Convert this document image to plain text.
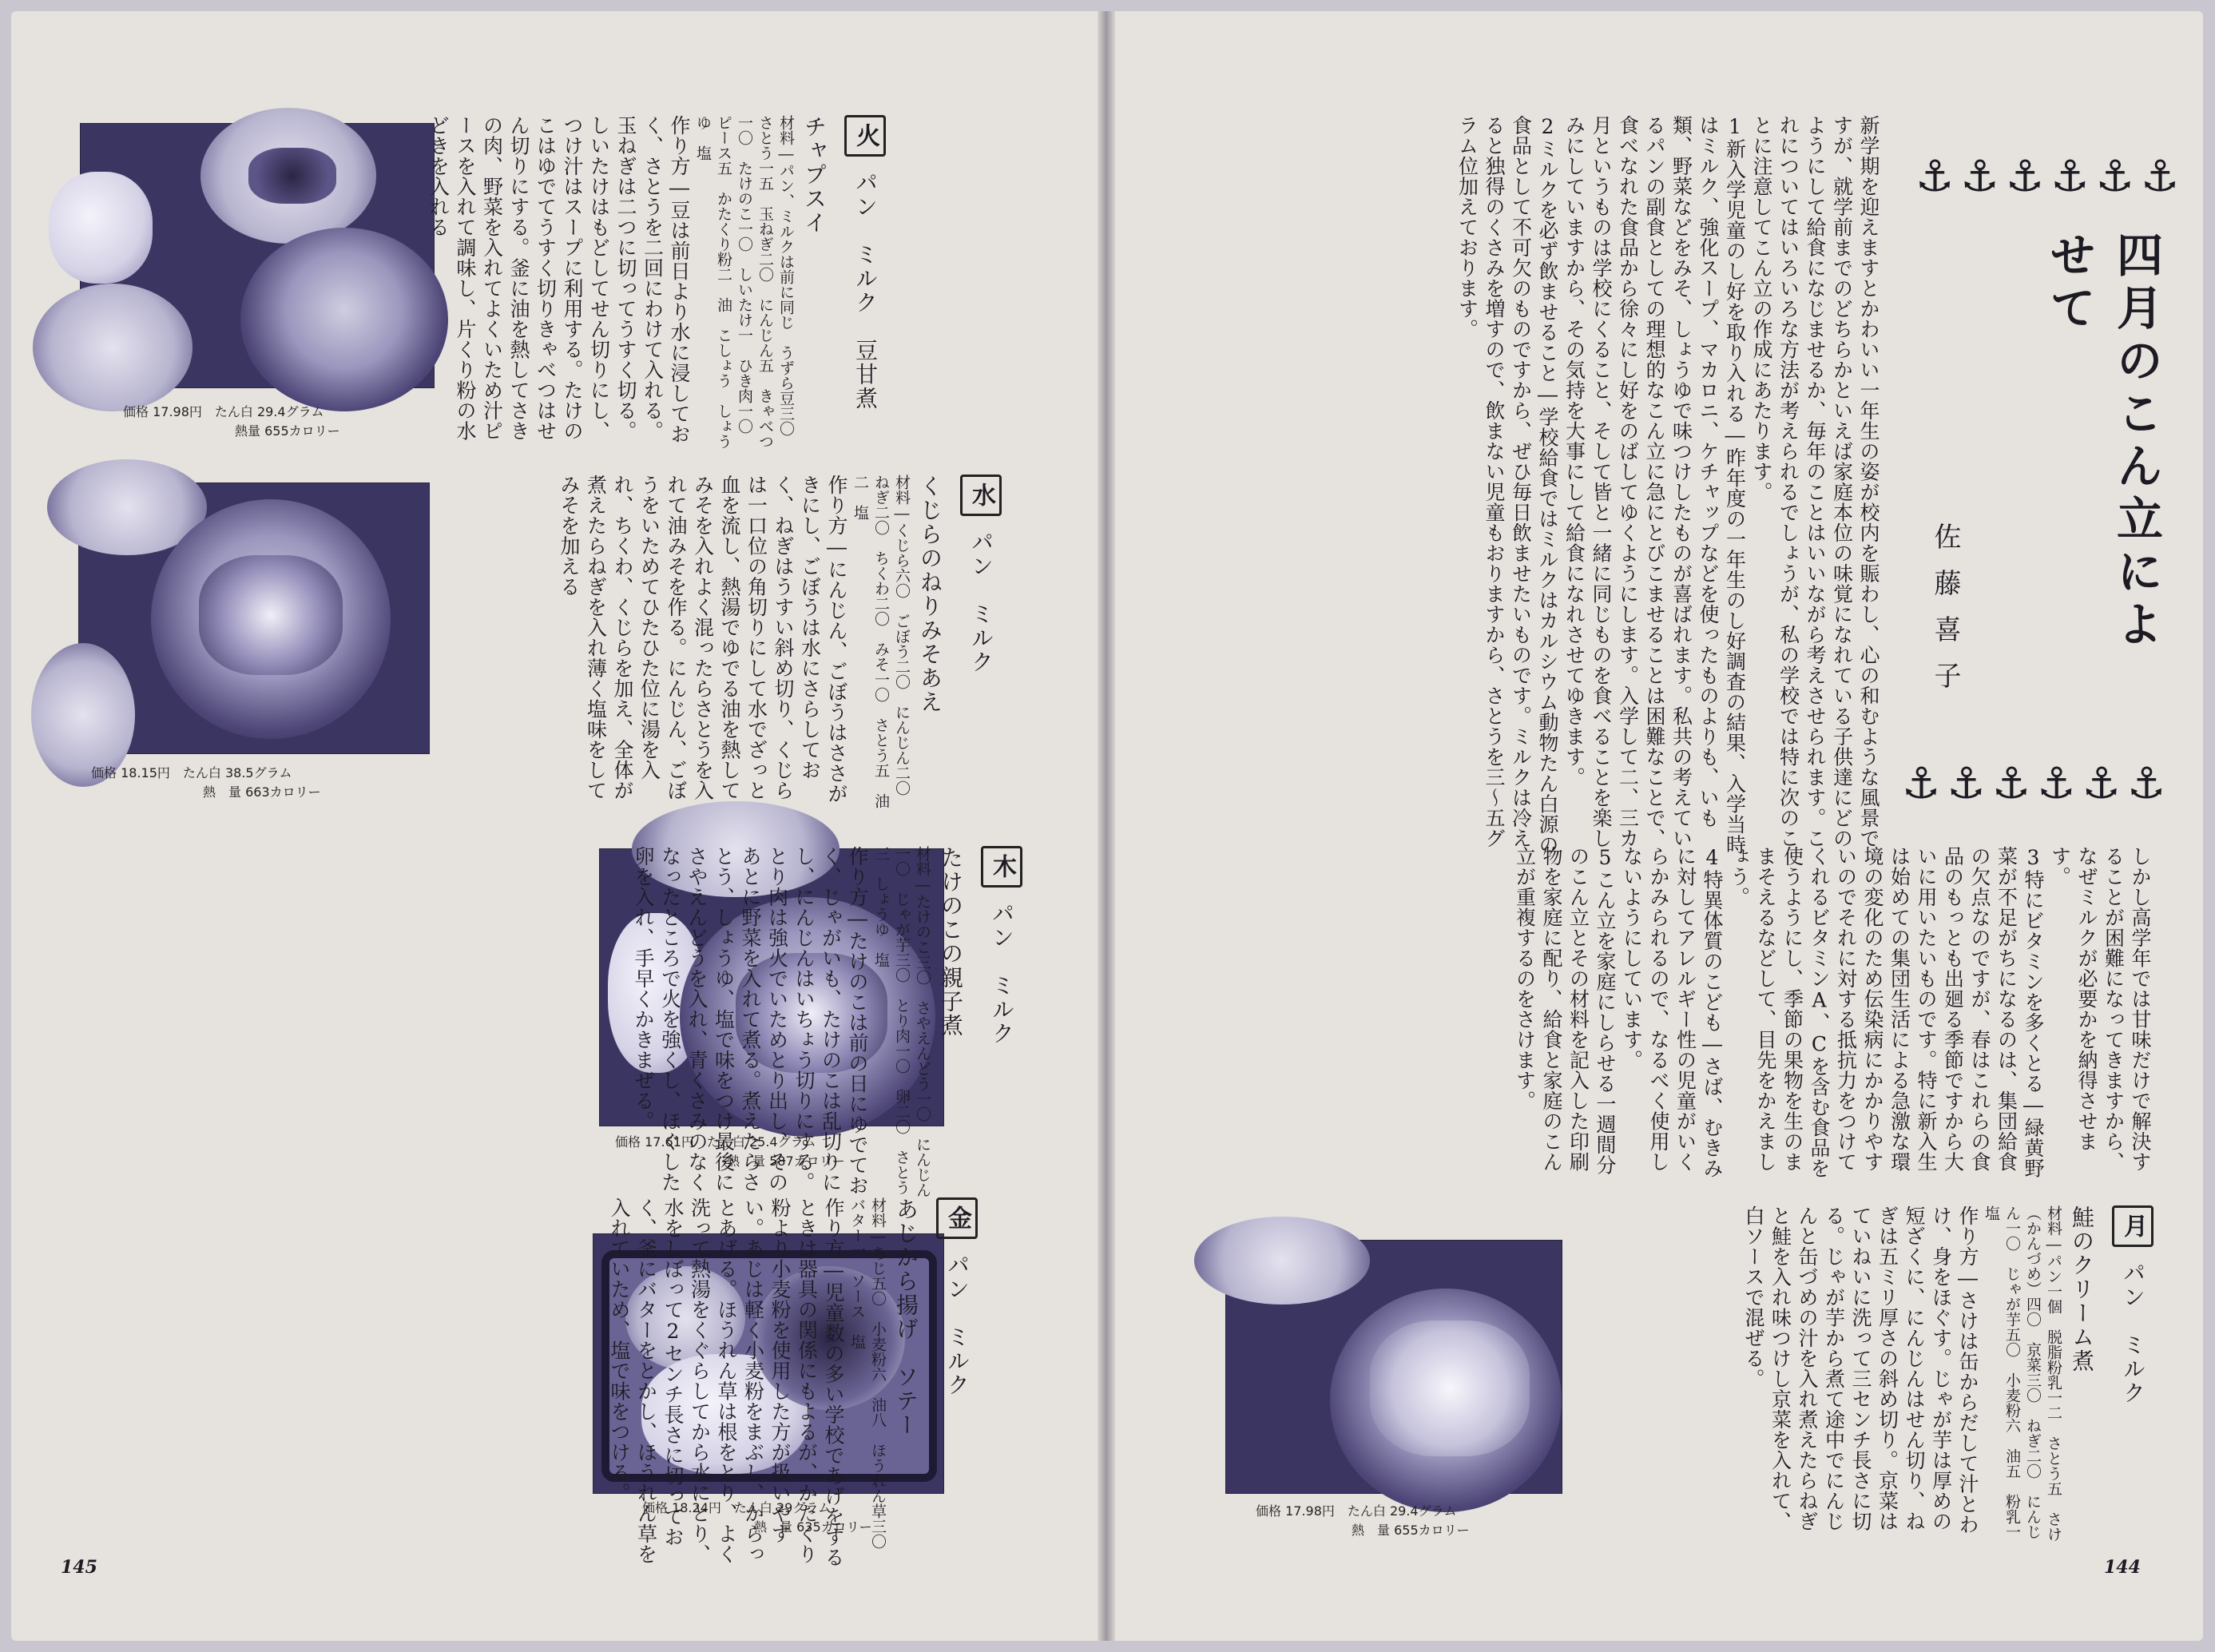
価格 17.98円　たん白 29.4グラム
熱量 655カロリー
価格 18.15円　たん白 38.5グラム
熱　量 663カロリー

火パン　ミルク　豆甘煮

チャプスイ

材料―パン、ミルクは前に同じ　うずら豆三〇　さとう一五　玉ねぎ二〇　にんじん五　きゃべつ一〇　たけのこ一〇　しいたけ一　ひき肉一〇　ピース五　かたくり粉二　油　こしょう　しょうゆ　塩

作り方―豆は前日より水に浸しておく、さとうを二回にわけて入れる。玉ねぎは二つに切ってうすく切る。しいたけはもどしてせん切りにし、つけ汁はスープに利用する。たけのこはゆでてうすく切りきゃべつはせん切りにする。釜に油を熱してさきの肉、野菜を入れてよくいため汁ピースを入れて調味し、片くり粉の水どきを入れる

水パン　ミルク

くじらのねりみそあえ

材料―くじら六〇　ごぼう二〇　にんじん二〇　ねぎ二〇　ちくわ二〇　みそ一〇　さとう五　油二　塩

作り方―にんじん、ごぼうはささがきにし、ごぼうは水にさらしておく、ねぎはうすい斜め切り、くじらは一口位の角切りにして水でざっと血を流し、熱湯でゆでる油を熱してみそを入れよく混ったらさとうを入れて油みそを作る。にんじん、ごぼうをいためてひたひた位に湯を入れ、ちくわ、くじらを加え、全体が煮えたらねぎを入れ薄く塩味をしてみそを加える

価格 17.61円　たん白 25.4グラム
熱　量 587カロリー
価格 18.24円　たん白 29グラム
熱　量 635カロリー

金パン　ミルク

あじから揚げ　ソテー

材料―あじ五〇　小麦粉六　油八　ほうれん草三〇　バター一　ソース　塩

作り方―児童数の多い学校であげをするときは器具の関係にもよるが、かたくり粉より小麦粉を使用した方が扱いやすい。あじは軽く小麦粉をまぶし、からっとあげる。ほうれん草は根をとり、よく洗って熱湯をくぐらしてから水にとり、水をしぼって2センチ長さに切っておく、釜にバターをとかし、ほうれん草を入れていため、塩で味をつける。

木パン　ミルク

たけのこの親子煮

材料―たけのこ三〇　さやえんどう一〇　にんじん一〇　じゃが芋三〇　とり肉一〇　卵二〇　さとう三　しょうゆ　塩

作り方―たけのこは前の日にゆでておく、じゃがいも、たけのこは乱切りにし、にんじんはいちょう切りにする。とり肉は強火でいためとり出し、そのあとに野菜を入れて煮る。煮えたらさとう、しょうゆ、塩で味をつけ最後にさやえんどうを入れ、青くさみのなくなったところで火を強くし、ほぐした卵を入れ、手早くかきまぜる。

145
⚓⚓⚓⚓⚓⚓
四月のこん立によせて
佐藤喜子
⚓⚓⚓⚓⚓⚓

新学期を迎えますとかわいい一年生の姿が校内を賑わし、心の和むような風景ですが、就学前までのどちらかといえば家庭本位の味覚になれている子供達にどのようにして給食になじませるか、毎年のことはいいながら考えさせられます。これについてはいろいろな方法が考えられるでしょうが、私の学校では特に次のことに注意してこん立の作成にあたります。

1新入学児童のし好を取り入れる―昨年度の一年生のし好調査の結果、入学当時はミルク、強化スープ、マカロニ、ケチャップなどを使ったものよりも、いも類、野菜などをみそ、しょうゆで味つけしたものが喜ばれます。私共の考えているパンの副食としての理想的なこん立に急にとびこませることは困難なことで、食べなれた食品から徐々にし好をのばしてゆくようにします。入学して二、三カ月というものは学校にくること、そして皆と一緒に同じものを食べることを楽しみにしていますから、その気持を大事にして給食になれさせてゆきます。

2ミルクを必ず飲ませること―学校給食ではミルクはカルシウム動物たん白源の食品として不可欠のものですから、ぜひ毎日飲ませたいものです。ミルクは冷えると独得のくさみを増すので、飲まない児童もおりますから、さとうを三～五グラム位加えております。

しかし高学年では甘味だけで解決することが困難になってきますから、なぜミルクが必要かを納得させます。

3特にビタミンを多くとる―緑黄野菜が不足がちになるのは、集団給食の欠点なのですが、春はこれらの食品のもっとも出廻る季節ですから大いに用いたいものです。特に新入生は始めての集団生活による急激な環境の変化のため伝染病にかかりやすいのでそれに対する抵抗力をつけてくれるビタミンA、Cを含む食品を使うようにし、季節の果物を生のままそえるなどして、目先をかえましょう。

4特異体質のこども―さば、むきみに対してアレルギー性の児童がいくらかみられるので、なるべく使用しないようにしています。

5こん立を家庭にしらせる一週間分のこん立とその材料を記入した印刷物を家庭に配り、給食と家庭のこん立が重複するのをさけます。

価格 17.98円　たん白 29.4グラム
熱　量 655カロリー

月パン　ミルク

鮭のクリーム煮

材料―パン一個　脱脂粉乳一二　さとう五　さけ（かんづめ）四〇　京菜三〇　ねぎ二〇　にんじん一〇　じゃが芋五〇　小麦粉六　油五　粉乳一　塩

作り方―さけは缶からだして汁とわけ、身をほぐす。じゃが芋は厚めの短ざくに、にんじんはせん切り、ねぎは五ミリ厚さの斜め切り。京菜はていねいに洗って三センチ長さに切る。じゃが芋から煮て途中でにんじんと缶づめの汁を入れ煮えたらねぎと鮭を入れ味つけし京菜を入れて、白ソースで混ぜる。

144
